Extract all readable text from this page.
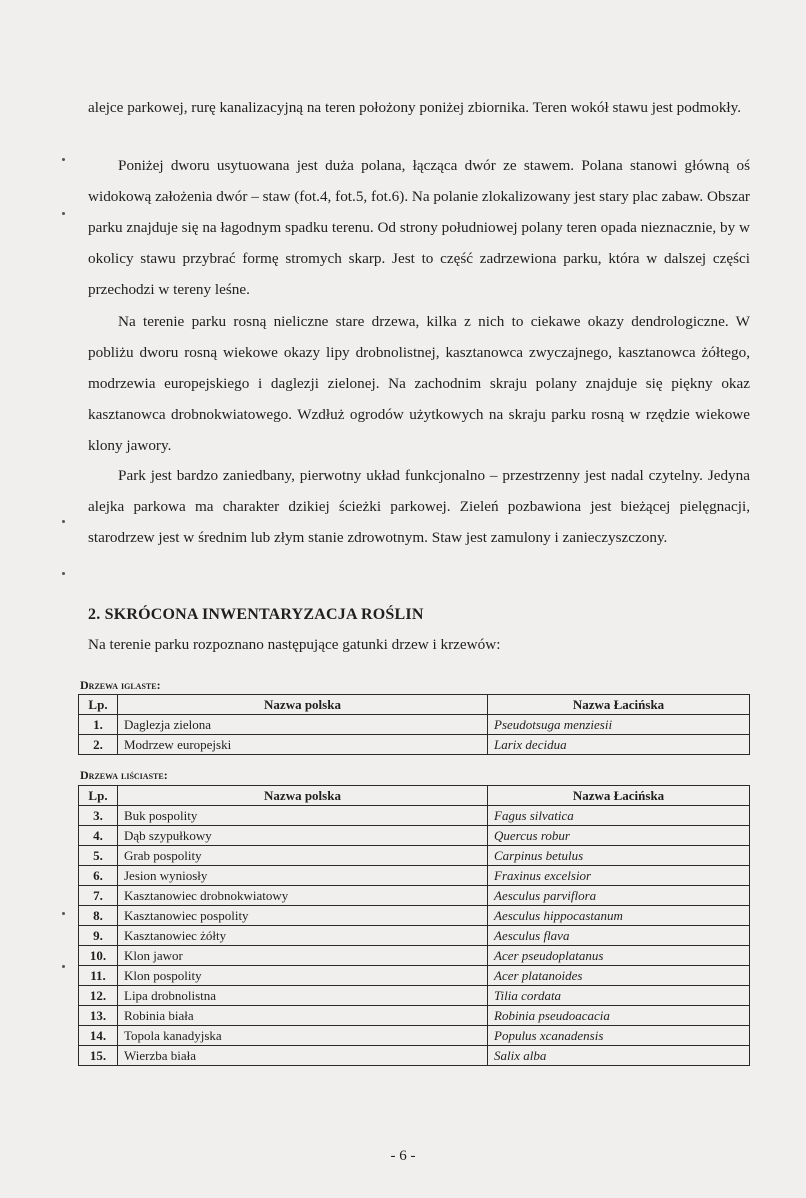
alejce parkowej, rurę kanalizacyjną na teren położony poniżej zbiornika. Teren wokół stawu jest podmokły.

Poniżej dworu usytuowana jest duża polana, łącząca dwór ze stawem. Polana stanowi główną oś widokową założenia dwór – staw (fot.4, fot.5, fot.6). Na polanie zlokalizowany jest stary plac zabaw. Obszar parku znajduje się na łagodnym spadku terenu. Od strony południowej polany teren opada nieznacznie, by w okolicy stawu przybrać formę stromych skarp. Jest to część zadrzewiona parku, która w dalszej części przechodzi w tereny leśne.

Na terenie parku rosną nieliczne stare drzewa, kilka z nich to ciekawe okazy dendrologiczne. W pobliżu dworu rosną wiekowe okazy lipy drobnolistnej, kasztanowca zwyczajnego, kasztanowca żółtego, modrzewia europejskiego i daglezji zielonej. Na zachodnim skraju polany znajduje się piękny okaz kasztanowca drobnokwiatowego. Wzdłuż ogrodów użytkowych na skraju parku rosną w rzędzie wiekowe klony jawory.

Park jest bardzo zaniedbany, pierwotny układ funkcjonalno – przestrzenny jest nadal czytelny. Jedyna alejka parkowa ma charakter dzikiej ścieżki parkowej. Zieleń pozbawiona jest bieżącej pielęgnacji, starodrzew jest w średnim lub złym stanie zdrowotnym. Staw jest zamulony i zanieczyszczony.

2. SKRÓCONA INWENTARYZACJA ROŚLIN

Na terenie parku rozpoznano następujące gatunki drzew i krzewów:

Drzewa iglaste:

Lp.	Nazwa polska	Nazwa Łacińska
1.	Daglezja zielona	Pseudotsuga menziesii
2.	Modrzew europejski	Larix decidua

Drzewa liściaste:

Lp.	Nazwa polska	Nazwa Łacińska
3.	Buk pospolity	Fagus silvatica
4.	Dąb szypułkowy	Quercus robur
5.	Grab pospolity	Carpinus betulus
6.	Jesion wyniosły	Fraxinus excelsior
7.	Kasztanowiec drobnokwiatowy	Aesculus parviflora
8.	Kasztanowiec pospolity	Aesculus hippocastanum
9.	Kasztanowiec żółty	Aesculus flava
10.	Klon jawor	Acer pseudoplatanus
11.	Klon pospolity	Acer platanoides
12.	Lipa drobnolistna	Tilia cordata
13.	Robinia biała	Robinia pseudoacacia
14.	Topola kanadyjska	Populus xcanadensis
15.	Wierzba biała	Salix alba

- 6 -
